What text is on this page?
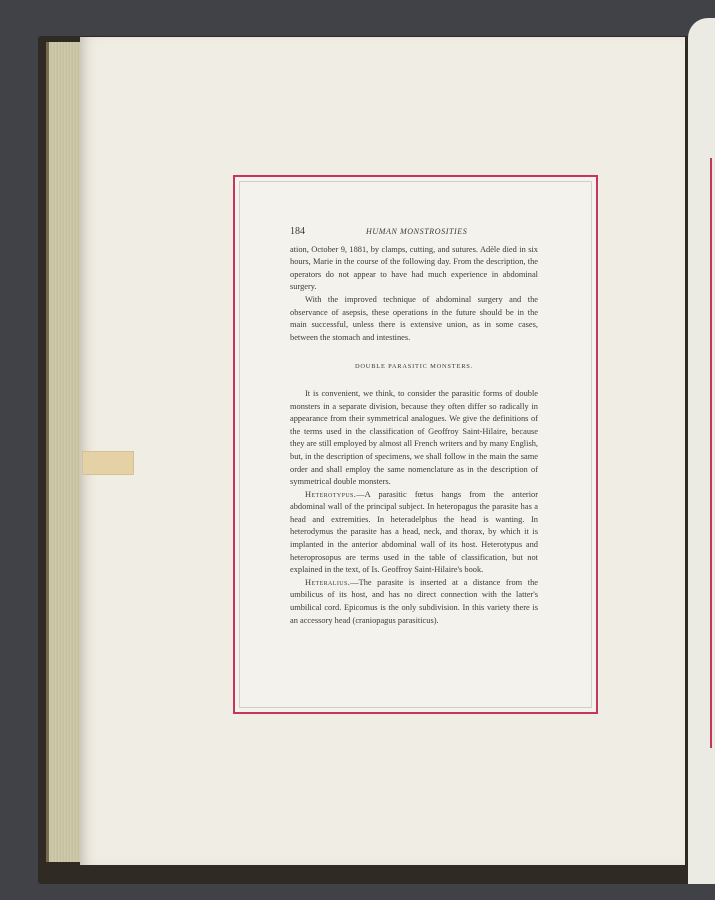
184	HUMAN MONSTROSITIES

ation, October 9, 1881, by clamps, cutting, and sutures. Adèle died in six hours, Marie in the course of the following day. From the description, the operators do not appear to have had much experience in abdominal surgery.

With the improved technique of abdominal surgery and the observance of asepsis, these operations in the future should be in the main successful, unless there is extensive union, as in some cases, between the stomach and intestines.

DOUBLE PARASITIC MONSTERS.

It is convenient, we think, to consider the parasitic forms of double monsters in a separate division, because they often differ so radically in appearance from their symmetrical analogues. We give the definitions of the terms used in the classification of Geoffroy Saint-Hilaire, because they are still employed by almost all French writers and by many English, but, in the description of specimens, we shall follow in the main the same order and shall employ the same nomenclature as in the description of symmetrical double monsters.

Heterotypus.—A parasitic fœtus hangs from the anterior abdominal wall of the principal subject. In heteropagus the parasite has a head and extremities. In heteradelphus the head is wanting. In heterodymus the parasite has a head, neck, and thorax, by which it is implanted in the anterior abdominal wall of its host. Heterotypus and heteroprosopus are terms used in the table of classification, but not explained in the text, of Is. Geoffroy Saint-Hilaire's book.

Heteralius.—The parasite is inserted at a distance from the umbilicus of its host, and has no direct connection with the latter's umbilical cord. Epicomus is the only subdivision. In this variety there is an accessory head (craniopagus parasiticus).
